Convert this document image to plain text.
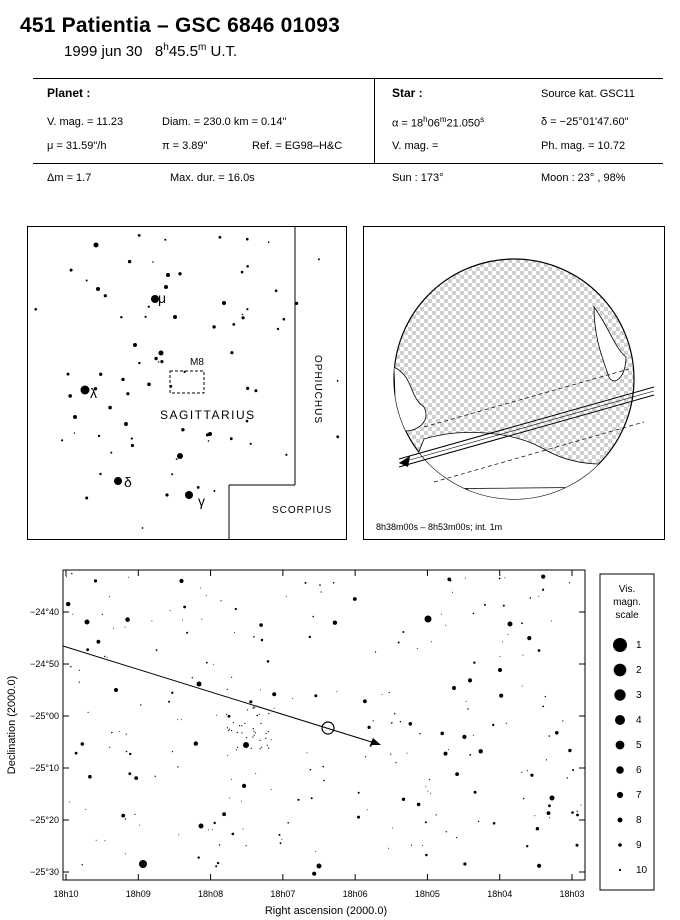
451 Patientia – GSC 6846 01093
1999 jun 30 8$^h$45.5$^m$ U.T.
Planet :
V. mag. = 11.23	Diam. = 230.0 km = 0.14"
μ = 31.59"/h	π = 3.89"	Ref. = EG98–H&C
Star :	Source kat. GSC11
$\alpha = 18^h06^m21.050^s$	δ = −25°01'47.60"
V. mag. =	Ph. mag. = 10.72
Δm = 1.7	Max. dur. = 16.0s	Sun : 173°	Moon : 23° , 98%
M8
SAGITTARIUS	OPHIUCHUS
SCORPIUS
μ
λ
δ
γ
8h38m00s – 8h53m00s; int. 1m
18h10	18h09	18h08	18h07	18h06	18h05	18h04	18h03
−24°40
−24°50
−25°00
−25°10
−25°20
−25°30
Right ascension (2000.0)
Declination (2000.0)
Vis.
magn.
scale
1
2
3
4
5
6
7
8
9
10
